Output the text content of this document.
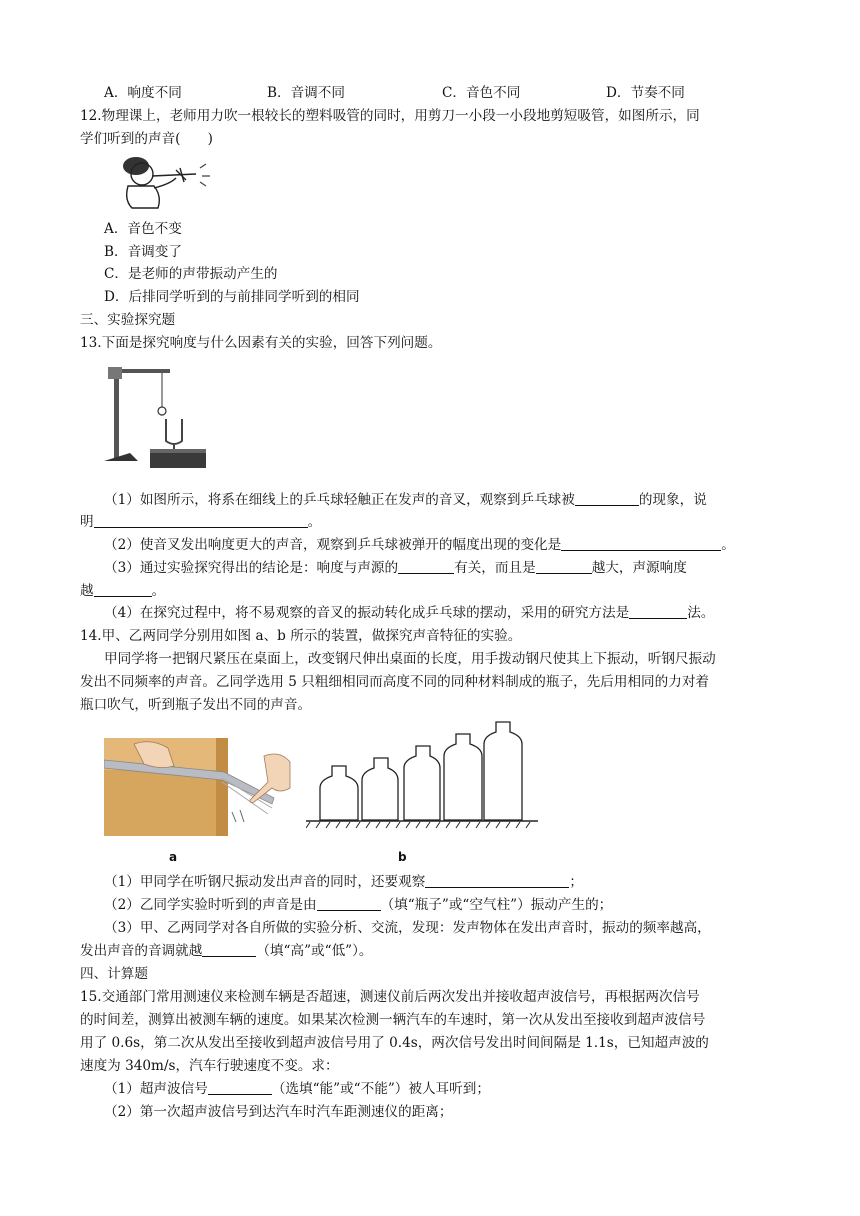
A．响度不同	B．音调不同	C．音色不同	D．节奏不同
12.物理课上，老师用力吹一根较长的塑料吸管的同时，用剪刀一小段一小段地剪短吸管，如图所示，同
学们听到的声音(　　)
A．音色不变
B．音调变了
C．是老师的声带振动产生的
D．后排同学听到的与前排同学听到的相同
三、实验探究题
13.下面是探究响度与什么因素有关的实验，回答下列问题。
（1）如图所示，将系在细线上的乒乓球轻触正在发声的音叉，观察到乒乓球被	的现象，说
明	。
（2）使音叉发出响度更大的声音，观察到乒乓球被弹开的幅度出现的变化是	。
（3）通过实验探究得出的结论是：响度与声源的	有关，而且是	越大，声源响度
越	。
（4）在探究过程中，将不易观察的音叉的振动转化成乒乓球的摆动，采用的研究方法是	法。
14.甲、乙两同学分别用如图 a、b 所示的装置，做探究声音特征的实验。
甲同学将一把钢尺紧压在桌面上，改变钢尺伸出桌面的长度，用手拨动钢尺使其上下振动，听钢尺振动
发出不同频率的声音。乙同学选用 5 只粗细相同而高度不同的同种材料制成的瓶子，先后用相同的力对着
瓶口吹气，听到瓶子发出不同的声音。
a	b
（1）甲同学在听钢尺振动发出声音的同时，还要观察	；
（2）乙同学实验时听到的声音是由	（填“瓶子”或“空气柱”）振动产生的；
（3）甲、乙两同学对各自所做的实验分析、交流，发现：发声物体在发出声音时，振动的频率越高，
发出声音的音调就越	（填“高”或“低”）。
四、计算题
15.交通部门常用测速仪来检测车辆是否超速，测速仪前后两次发出并接收超声波信号，再根据两次信号
的时间差，测算出被测车辆的速度。如果某次检测一辆汽车的车速时，第一次从发出至接收到超声波信号
用了 0.6s，第二次从发出至接收到超声波信号用了 0.4s，两次信号发出时间间隔是 1.1s，已知超声波的
速度为 340m/s，汽车行驶速度不变。求：
（1）超声波信号	（选填“能”或“不能”）被人耳听到；
（2）第一次超声波信号到达汽车时汽车距测速仪的距离；
